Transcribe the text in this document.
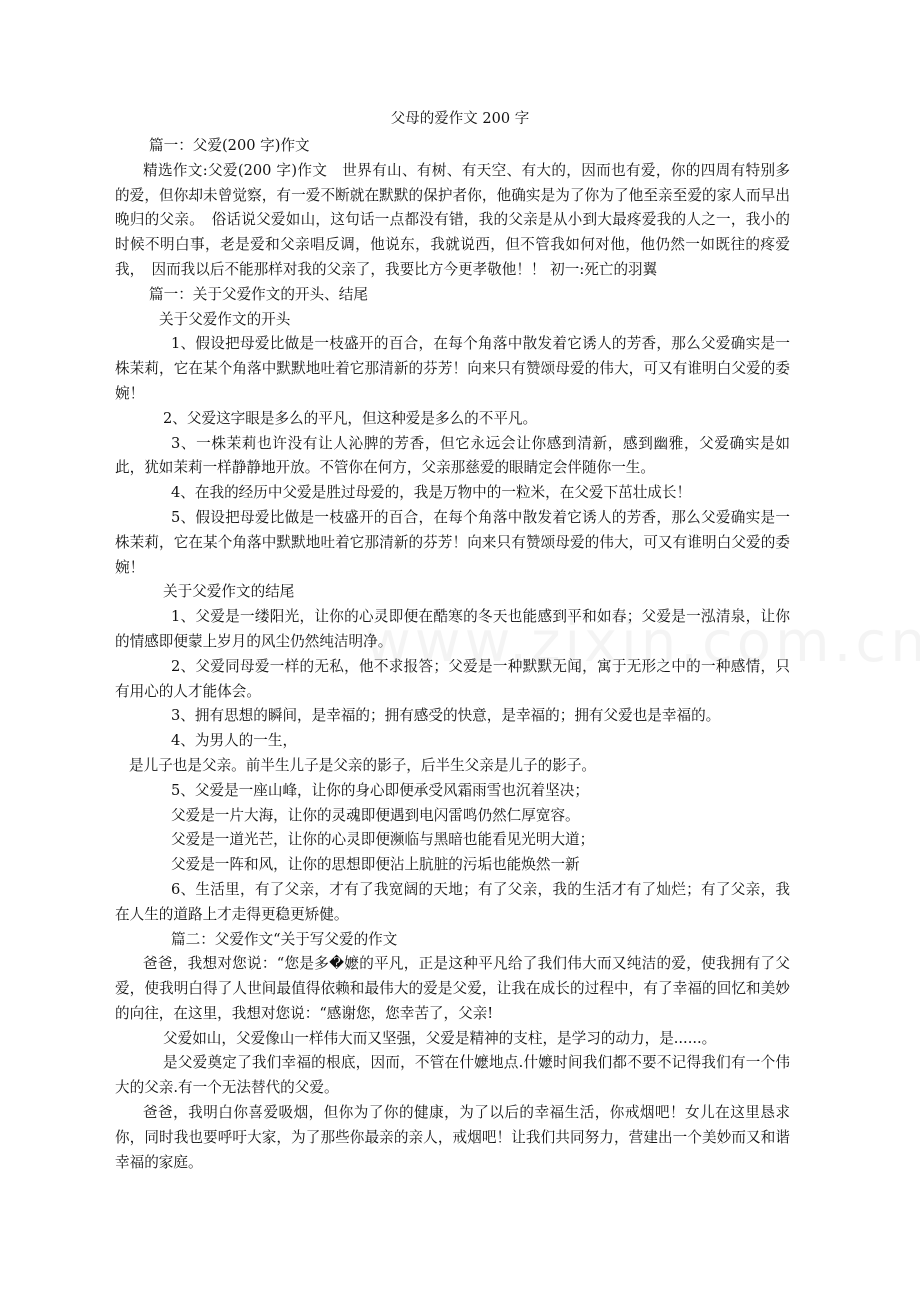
父母的爱作文 200 字

篇一：父爱(200 字)作文

精选作文:父爱(200 字)作文　世界有山、有树、有天空、有大的，因而也有爱，你的四周有特别多的爱，但你却未曾觉察，有一爱不断就在默默的保护者你，他确实是为了你为了他至亲至爱的家人而早出晚归的父亲。　俗话说父爱如山，这句话一点都没有错，我的父亲是从小到大最疼爱我的人之一，我小的时候不明白事，老是爱和父亲唱反调，他说东，我就说西，但不管我如何对他，他仍然一如既往的疼爱我，　因而我以后不能那样对我的父亲了，我要比方今更孝敬他！！ 初一:死亡的羽翼

篇一：关于父爱作文的开头、结尾

关于父爱作文的开头

1、假设把母爱比做是一枝盛开的百合，在每个角落中散发着它诱人的芳香，那么父爱确实是一株茉莉，它在某个角落中默默地吐着它那清新的芬芳！向来只有赞颂母爱的伟大，可又有谁明白父爱的委婉！

2、父爱这字眼是多么的平凡，但这种爱是多么的不平凡。

3、一株茉莉也许没有让人沁脾的芳香，但它永远会让你感到清新，感到幽雅，父爱确实是如此，犹如茉莉一样静静地开放。不管你在何方，父亲那慈爱的眼睛定会伴随你一生。

4、在我的经历中父爱是胜过母爱的，我是万物中的一粒米，在父爱下茁壮成长！

5、假设把母爱比做是一枝盛开的百合，在每个角落中散发着它诱人的芳香，那么父爱确实是一株茉莉，它在某个角落中默默地吐着它那清新的芬芳！向来只有赞颂母爱的伟大，可又有谁明白父爱的委婉！

关于父爱作文的结尾

1、父爱是一缕阳光，让你的心灵即便在酷寒的冬天也能感到平和如春；父爱是一泓清泉，让你的情感即便蒙上岁月的风尘仍然纯洁明净。

2、父爱同母爱一样的无私，他不求报答；父爱是一种默默无闻，寓于无形之中的一种感情，只有用心的人才能体会。

3、拥有思想的瞬间，是幸福的；拥有感受的快意，是幸福的；拥有父爱也是幸福的。

4、为男人的一生，

是儿子也是父亲。前半生儿子是父亲的影子，后半生父亲是儿子的影子。

5、父爱是一座山峰，让你的身心即便承受风霜雨雪也沉着坚决；

父爱是一片大海，让你的灵魂即便遇到电闪雷鸣仍然仁厚宽容。

父爱是一道光芒，让你的心灵即便濒临与黑暗也能看见光明大道；

父爱是一阵和风，让你的思想即便沾上肮脏的污垢也能焕然一新

6、生活里，有了父亲，才有了我宽阔的天地；有了父亲，我的生活才有了灿烂；有了父亲，我在人生的道路上才走得更稳更矫健。

篇二：父爱作文“关于写父爱的作文

爸爸，我想对您说：“您是多�嬷的平凡，正是这种平凡给了我们伟大而又纯洁的爱，使我拥有了父爱，使我明白得了人世间最值得依赖和最伟大的爱是父爱，让我在成长的过程中，有了幸福的回忆和美妙的向往，在这里，我想对您说：“感谢您，您幸苦了，父亲!

父爱如山，父爱像山一样伟大而又坚强，父爱是精神的支柱，是学习的动力，是......。

是父爱奠定了我们幸福的根底，因而，不管在什嬷地点.什嬷时间我们都不要不记得我们有一个伟大的父亲.有一个无法替代的父爱。

爸爸，我明白你喜爱吸烟，但你为了你的健康，为了以后的幸福生活，你戒烟吧！女儿在这里恳求你，同时我也要呼吁大家，为了那些你最亲的亲人，戒烟吧！让我们共同努力，营建出一个美妙而又和谐幸福的家庭。
